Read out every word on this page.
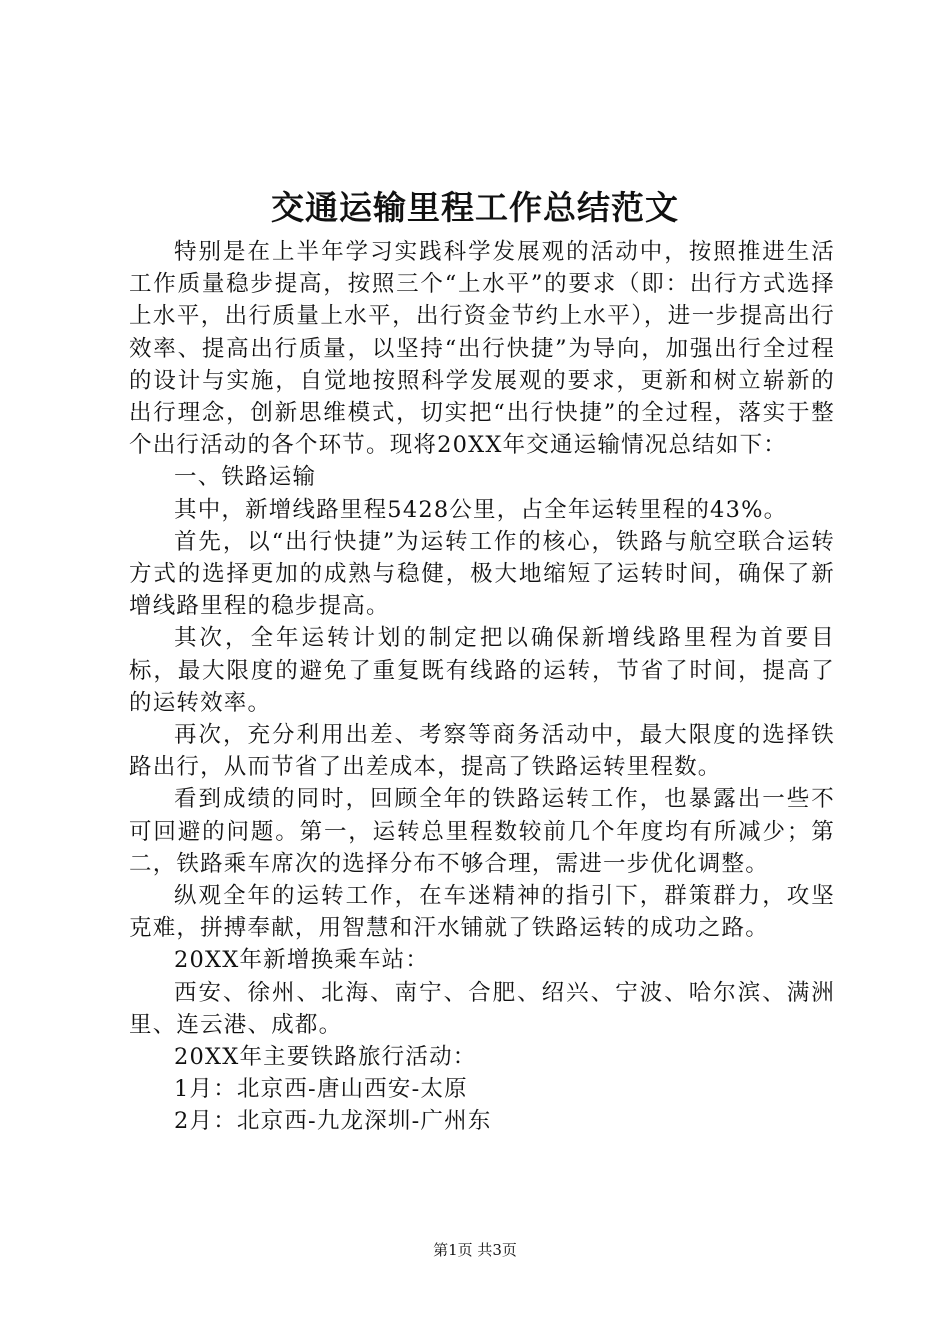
交通运输里程工作总结范文

特别是在上半年学习实践科学发展观的活动中，按照推进生活工作质量稳步提高，按照三个“上水平”的要求（即：出行方式选择上水平，出行质量上水平，出行资金节约上水平），进一步提高出行效率、提高出行质量，以坚持“出行快捷”为导向，加强出行全过程的设计与实施，自觉地按照科学发展观的要求，更新和树立崭新的出行理念，创新思维模式，切实把“出行快捷”的全过程，落实于整个出行活动的各个环节。现将20XX年交通运输情况总结如下：

一、铁路运输

其中，新增线路里程5428公里，占全年运转里程的43%。

首先，以“出行快捷”为运转工作的核心，铁路与航空联合运转方式的选择更加的成熟与稳健，极大地缩短了运转时间，确保了新增线路里程的稳步提高。

其次，全年运转计划的制定把以确保新增线路里程为首要目标，最大限度的避免了重复既有线路的运转，节省了时间，提高了的运转效率。

再次，充分利用出差、考察等商务活动中，最大限度的选择铁路出行，从而节省了出差成本，提高了铁路运转里程数。

看到成绩的同时，回顾全年的铁路运转工作，也暴露出一些不可回避的问题。第一，运转总里程数较前几个年度均有所减少；第二，铁路乘车席次的选择分布不够合理，需进一步优化调整。

纵观全年的运转工作，在车迷精神的指引下，群策群力，攻坚克难，拼搏奉献，用智慧和汗水铺就了铁路运转的成功之路。

20XX年新增换乘车站：

西安、徐州、北海、南宁、合肥、绍兴、宁波、哈尔滨、满洲里、连云港、成都。

20XX年主要铁路旅行活动：

1月：北京西-唐山西安-太原

2月：北京西-九龙深圳-广州东

第1页 共3页
